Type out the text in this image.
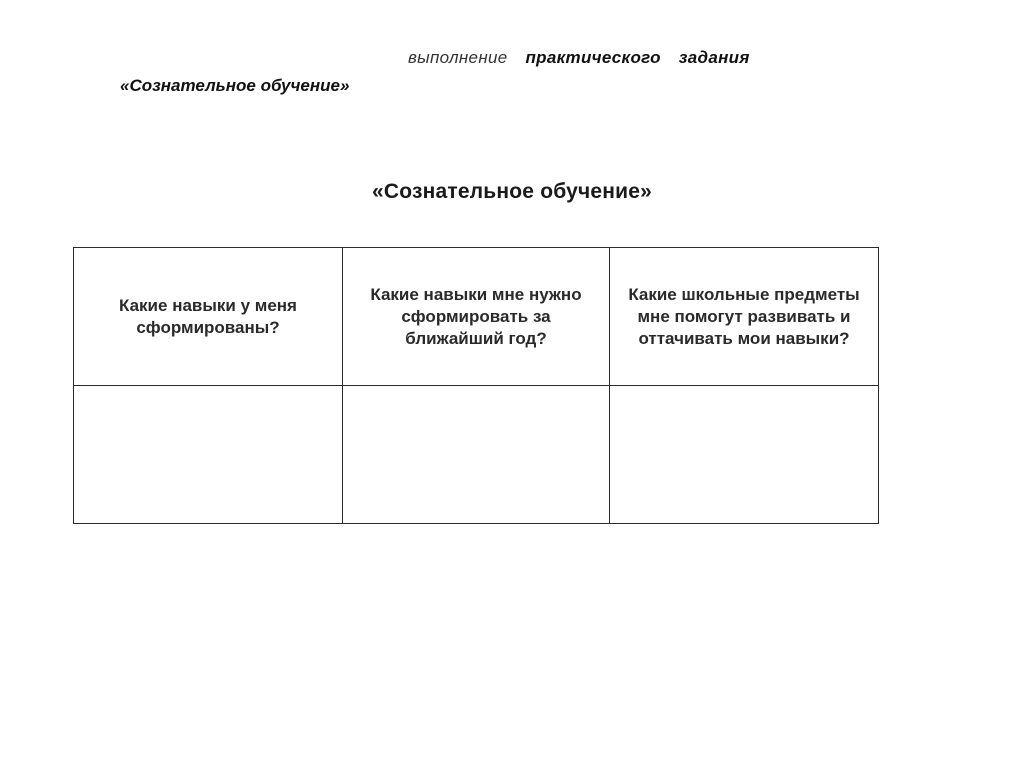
выполнение практического задания
«Сознательное обучение»
«Сознательное обучение»
Какие навыки у меня сформированы?	Какие навыки мне нужно сформировать за ближайший год?	Какие школьные предметы мне помогут развивать и оттачивать мои навыки?
